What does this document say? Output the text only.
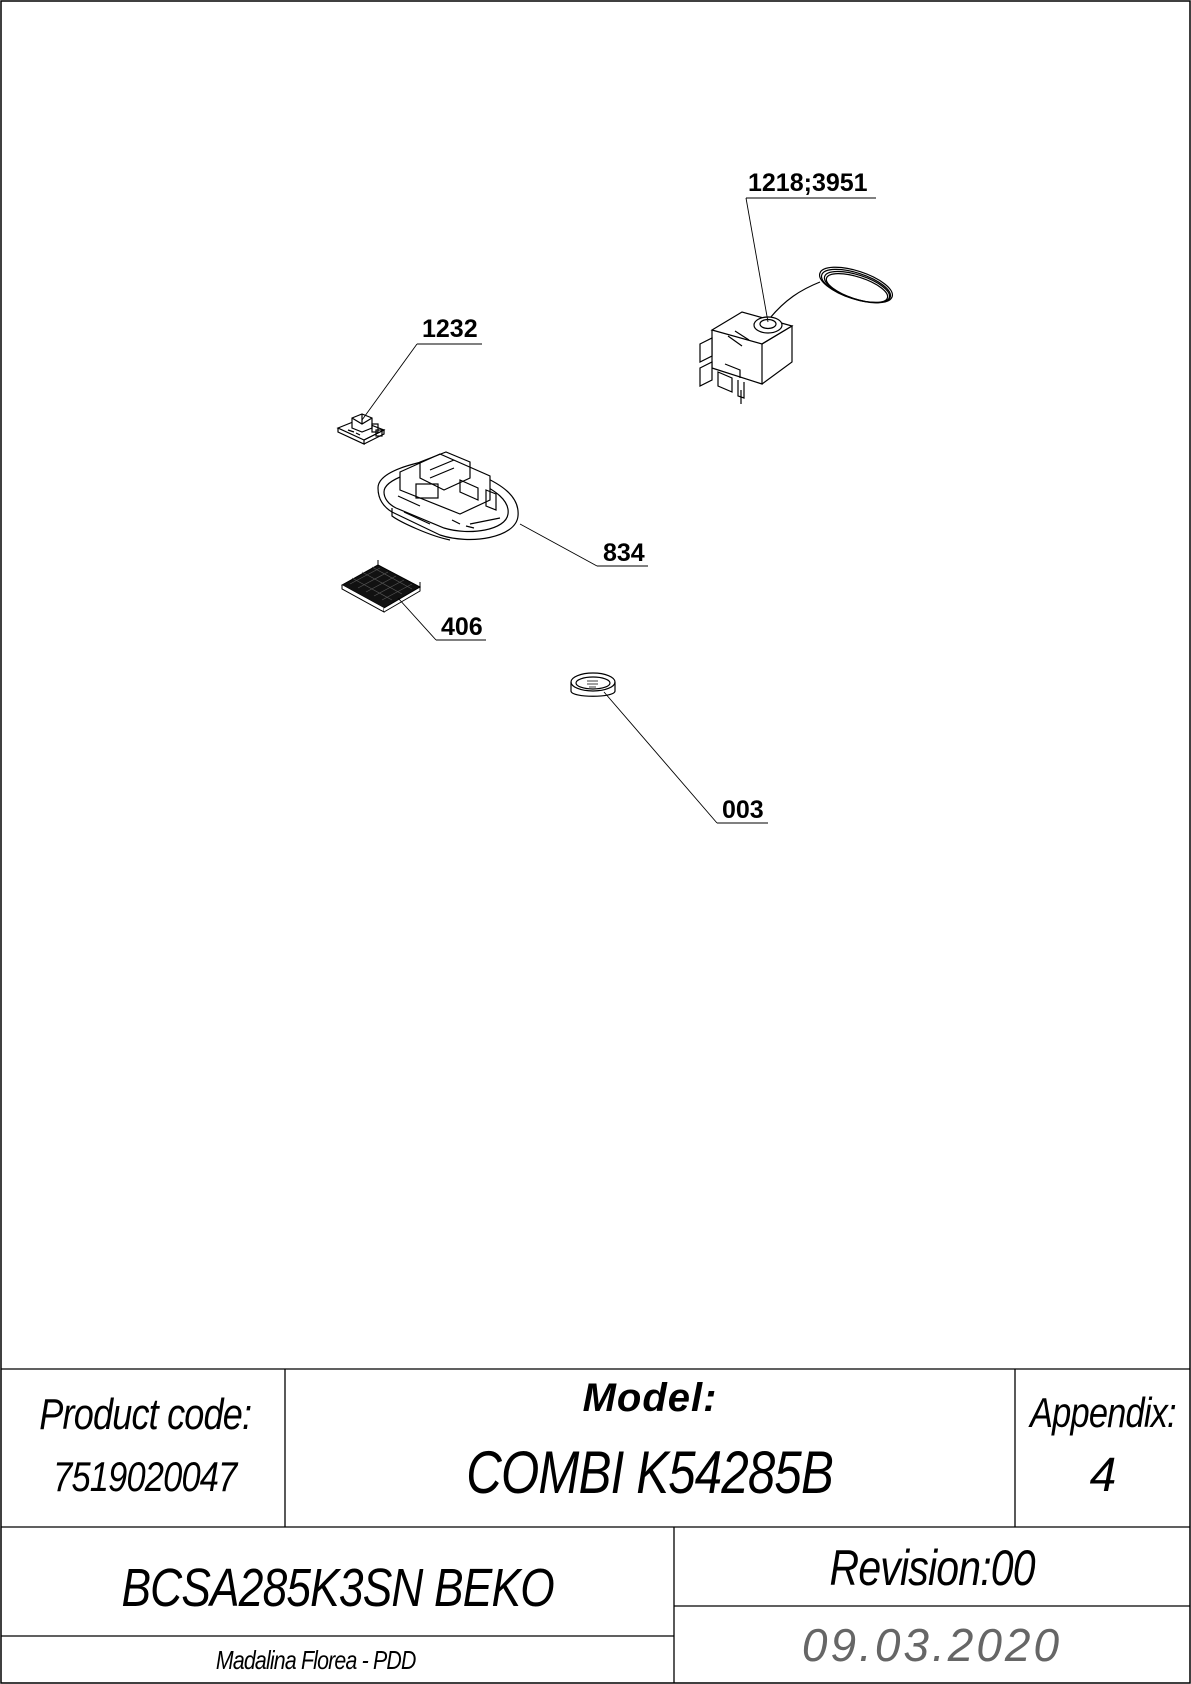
1218;3951
1232
834
406
003
Product code:
7519020047
Model:
COMBI K54285B
Appendix:
4
BCSA285K3SN BEKO
Madalina Florea - PDD
Revision:00
09.03.2020
